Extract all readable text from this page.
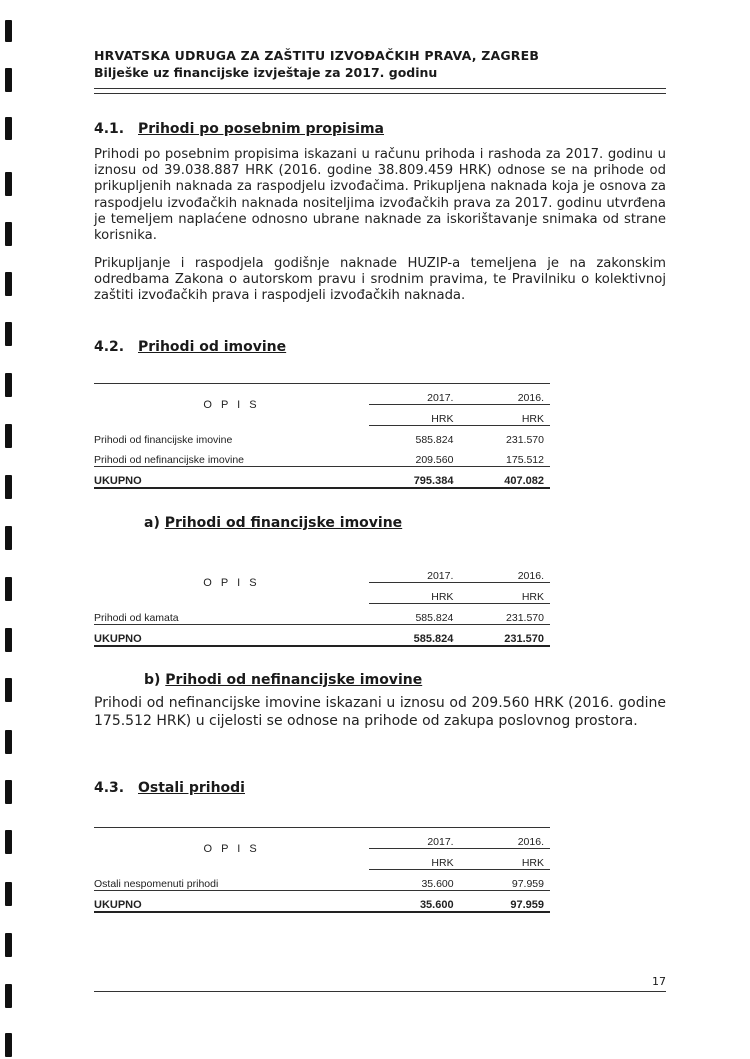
HRVATSKA UDRUGA ZA ZAŠTITU IZVOĐAČKIH PRAVA, ZAGREB
Bilješke uz financijske izvještaje za 2017. godinu
4.1. Prihodi po posebnim propisima
Prihodi po posebnim propisima iskazani u računu prihoda i rashoda za 2017. godinu u iznosu od 39.038.887 HRK (2016. godine 38.809.459 HRK) odnose se na prihode od prikupljenih naknada za raspodjelu izvođačima. Prikupljena naknada koja je osnova za raspodjelu izvođačkih naknada nositeljima izvođačkih prava za 2017. godinu utvrđena je temeljem naplaćene odnosno ubrane naknade za iskorištavanje snimaka od strane korisnika.
Prikupljanje i raspodjela godišnje naknade HUZIP-a temeljena je na zakonskim odredbama Zakona o autorskom pravu i srodnim pravima, te Pravilniku o kolektivnoj zaštiti izvođačkih prava i raspodjeli izvođačkih naknada.
4.2. Prihodi od imovine
O P I S	2017.	2016.
	HRK	HRK
Prihodi od financijske imovine	585.824	231.570
Prihodi od nefinancijske imovine	209.560	175.512
UKUPNO	795.384	407.082
a) Prihodi od financijske imovine
O P I S	2017.	2016.
	HRK	HRK
Prihodi od kamata	585.824	231.570
UKUPNO	585.824	231.570
b) Prihodi od nefinancijske imovine
Prihodi od nefinancijske imovine iskazani u iznosu od 209.560 HRK (2016. godine 175.512 HRK) u cijelosti se odnose na prihode od zakupa poslovnog prostora.
4.3. Ostali prihodi
O P I S	2017.	2016.
	HRK	HRK
Ostali nespomenuti prihodi	35.600	97.959
UKUPNO	35.600	97.959
17
